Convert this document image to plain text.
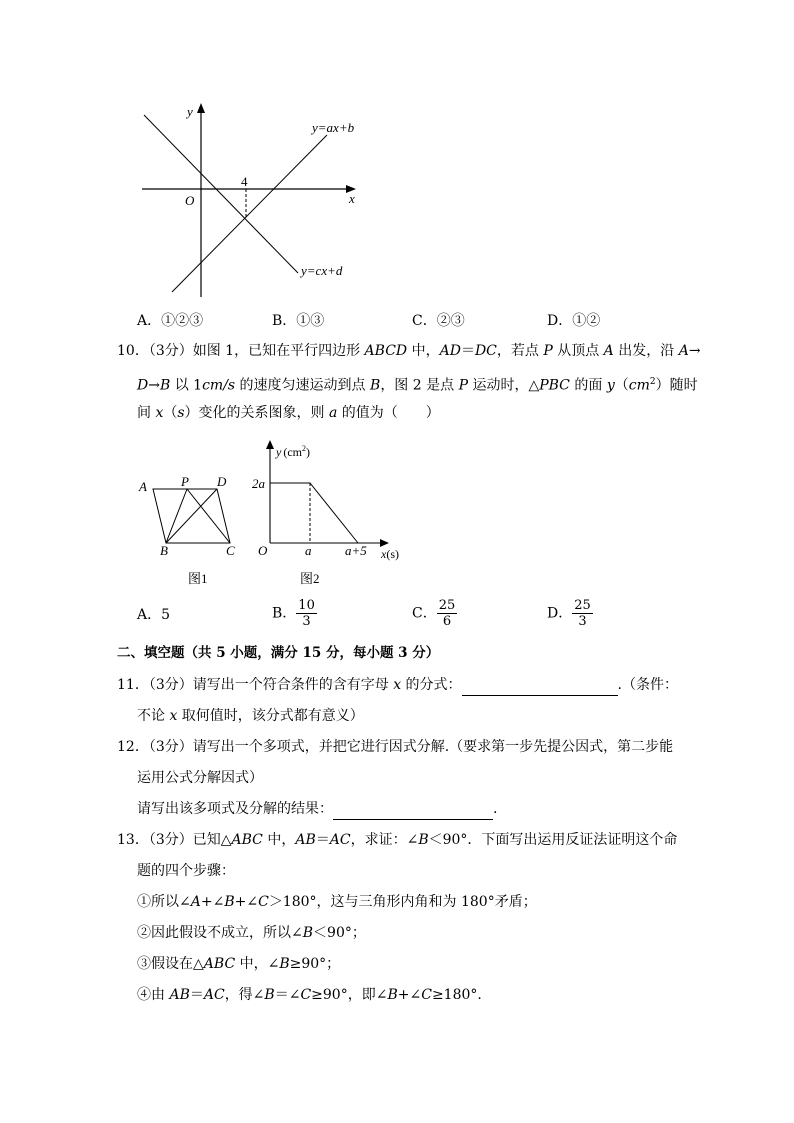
y
x
O
4
y=ax+b
y=cx+d
A．①②③	B．①③	C．②③	D．①②
10．（3分）如图 1，已知在平行四边形 ABCD 中，AD＝DC，若点 P 从顶点 A 出发，沿 A→
D→B 以 1cm/s 的速度匀速运动到点 B，图 2 是点 P 运动时，△PBC 的面 $y(cm^2)$随时
间 x（s）变化的关系图象，则 a 的值为（　　）
A	P D
B	C
图1
y $(cm^2)$
2a
O	a	a+5 x(s)
图2
A．5	B． $\frac{10}{3}$	C． $\frac{25}{6}$	D． $\frac{25}{3}$
二、填空题（共 5 小题，满分 15 分，每小题 3 分）
11．（3分）请写出一个符合条件的含有字母 x 的分式：	.（条件：
不论 x 取何值时，该分式都有意义）
12．（3分）请写出一个多项式，并把它进行因式分解.（要求第一步先提公因式，第二步能
运用公式分解因式）
请写出该多项式及分解的结果：	.
13．（3分）已知△ABC 中，AB＝AC，求证：∠B＜90°．下面写出运用反证法证明这个命
题的四个步骤：
①所以∠A+∠B+∠C＞180°，这与三角形内角和为 180°矛盾；
②因此假设不成立，所以∠B＜90°；
③假设在△ABC 中，∠B≥90°；
④由 AB＝AC，得∠B＝∠C≥90°，即∠B+∠C≥180°.
